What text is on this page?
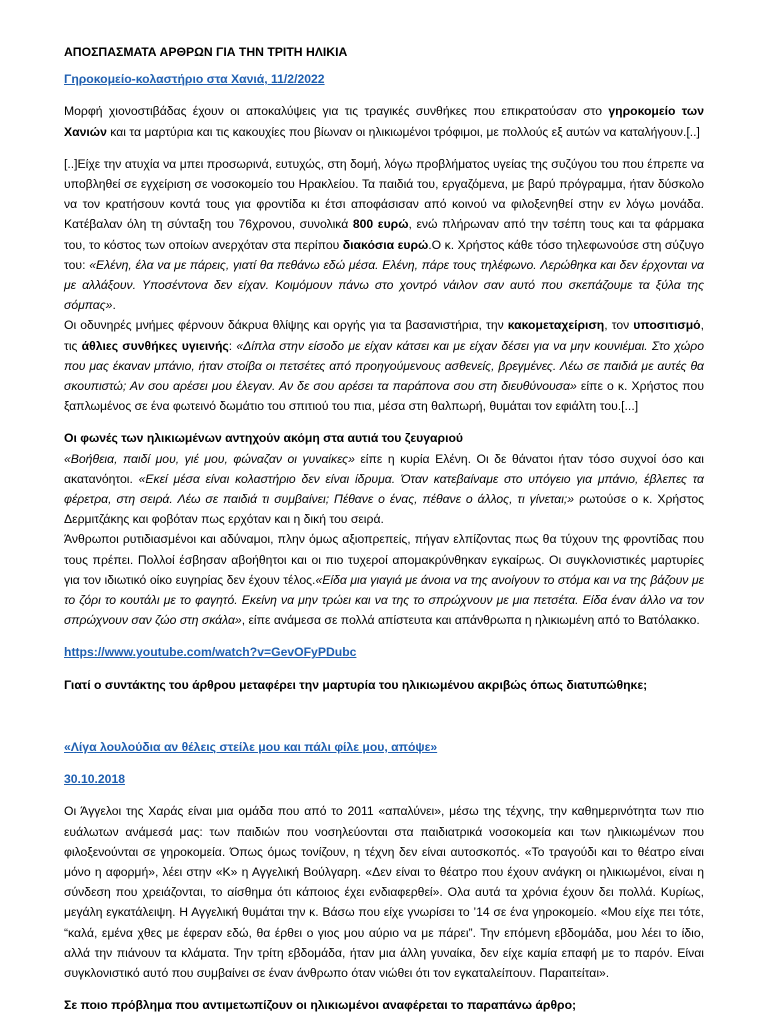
ΑΠΟΣΠΑΣΜΑΤΑ ΑΡΘΡΩΝ ΓΙΑ ΤΗΝ ΤΡΙΤΗ ΗΛΙΚΙΑ

Γηροκομείο-κολαστήριο στα Χανιά, 11/2/2022

Μορφή χιονοστιβάδας έχουν οι αποκαλύψεις για τις τραγικές συνθήκες που επικρατούσαν στο γηροκομείο των Χανιών και τα μαρτύρια και τις κακουχίες που βίωναν οι ηλικιωμένοι τρόφιμοι, με πολλούς εξ αυτών να καταλήγουν.[..]

[..]Είχε την ατυχία να μπει προσωρινά, ευτυχώς, στη δομή, λόγω προβλήματος υγείας της συζύγου του που έπρεπε να υποβληθεί σε εγχείριση σε νοσοκομείο του Ηρακλείου. Τα παιδιά του, εργαζόμενα, με βαρύ πρόγραμμα, ήταν δύσκολο να τον κρατήσουν κοντά τους για φροντίδα κι έτσι αποφάσισαν από κοινού να φιλοξενηθεί στην εν λόγω μονάδα. Κατέβαλαν όλη τη σύνταξη του 76χρονου, συνολικά 800 ευρώ, ενώ πλήρωναν από την τσέπη τους και τα φάρμακα του, το κόστος των οποίων ανερχόταν στα περίπου διακόσια ευρώ.Ο κ. Χρήστος κάθε τόσο τηλεφωνούσε στη σύζυγο του: «Ελένη, έλα να με πάρεις, γιατί θα πεθάνω εδώ μέσα. Ελένη, πάρε τους τηλέφωνο. Λερώθηκα και δεν έρχονται να με αλλάξουν. Υποσέντονα δεν είχαν. Κοιμόμουν πάνω στο χοντρό νάιλον σαν αυτό που σκεπάζουμε τα ξύλα της σόμπας».

Οι οδυνηρές μνήμες φέρνουν δάκρυα θλίψης και οργής για τα βασανιστήρια, την κακομεταχείριση, τον υποσιτισμό, τις άθλιες συνθήκες υγιεινής: «Δίπλα στην είσοδο με είχαν κάτσει και με είχαν δέσει για να μην κουνιέμαι. Στο χώρο που μας έκαναν μπάνιο, ήταν στοίβα οι πετσέτες από προηγούμενους ασθενείς, βρεγμένες. Λέω σε παιδιά με αυτές θα σκουπιστώ; Αν σου αρέσει μου έλεγαν. Αν δε σου αρέσει τα παράπονα σου στη διευθύνουσα» είπε ο κ. Χρήστος που ξαπλωμένος σε ένα φωτεινό δωμάτιο του σπιτιού του πια, μέσα στη θαλπωρή, θυμάται τον εφιάλτη του.[...]

Οι φωνές των ηλικιωμένων αντηχούν ακόμη στα αυτιά του ζευγαριού

«Βοήθεια, παιδί μου, γιέ μου, φώναζαν οι γυναίκες» είπε η κυρία Ελένη. Οι δε θάνατοι ήταν τόσο συχνοί όσο και ακατανόητοι. «Εκεί μέσα είναι κολαστήριο δεν είναι ίδρυμα. Όταν κατεβαίναμε στο υπόγειο για μπάνιο, έβλεπες τα φέρετρα, στη σειρά. Λέω σε παιδιά τι συμβαίνει; Πέθανε ο ένας, πέθανε ο άλλος, τι γίνεται;» ρωτούσε ο κ. Χρήστος Δερμιτζάκης και φοβόταν πως ερχόταν και η δική του σειρά.

Άνθρωποι ρυτιδιασμένοι και αδύναμοι, πλην όμως αξιοπρεπείς, πήγαν ελπίζοντας πως θα τύχουν της φροντίδας που τους πρέπει. Πολλοί έσβησαν αβοήθητοι και οι πιο τυχεροί απομακρύνθηκαν εγκαίρως. Οι συγκλονιστικές μαρτυρίες για τον ιδιωτικό οίκο ευγηρίας δεν έχουν τέλος.«Είδα μια γιαγιά με άνοια να της ανοίγουν το στόμα και να της βάζουν με το ζόρι το κουτάλι με το φαγητό. Εκείνη να μην τρώει και να της το σπρώχνουν με μια πετσέτα. Είδα έναν άλλο να τον σπρώχνουν σαν ζώο στη σκάλα», είπε ανάμεσα σε πολλά απίστευτα και απάνθρωπα η ηλικιωμένη από το Βατόλακκο.

https://www.youtube.com/watch?v=GevOFyPDubc

Γιατί ο συντάκτης του άρθρου μεταφέρει την μαρτυρία του ηλικιωμένου ακριβώς όπως διατυπώθηκε;

«Λίγα λουλούδια αν θέλεις στείλε μου και πάλι φίλε μου, απόψε»

30.10.2018

Οι Άγγελοι της Χαράς είναι μια ομάδα που από το 2011 «απαλύνει», μέσω της τέχνης, την καθημερινότητα των πιο ευάλωτων ανάμεσά μας: των παιδιών που νοσηλεύονται στα παιδιατρικά νοσοκομεία και των ηλικιωμένων που φιλοξενούνται σε γηροκομεία. Όπως όμως τονίζουν, η τέχνη δεν είναι αυτοσκοπός. «Το τραγούδι και το θέατρο είναι μόνο η αφορμή», λέει στην «Κ» η Αγγελική Βούλγαρη. «Δεν είναι το θέατρο που έχουν ανάγκη οι ηλικιωμένοι, είναι η σύνδεση που χρειάζονται, το αίσθημα ότι κάποιος έχει ενδιαφερθεί». Ολα αυτά τα χρόνια έχουν δει πολλά. Κυρίως, μεγάλη εγκατάλειψη. Η Αγγελική θυμάται την κ. Βάσω που είχε γνωρίσει το ’14 σε ένα γηροκομείο. «Μου είχε πει τότε, “καλά, εμένα χθες με έφεραν εδώ, θα έρθει ο γιος μου αύριο να με πάρει”. Την επόμενη εβδομάδα, μου λέει το ίδιο, αλλά την πιάνουν τα κλάματα. Την τρίτη εβδομάδα, ήταν μια άλλη γυναίκα, δεν είχε καμία επαφή με το παρόν. Είναι συγκλονιστικό αυτό που συμβαίνει σε έναν άνθρωπο όταν νιώθει ότι τον εγκαταλείπουν. Παραιτείται».

Σε ποιο πρόβλημα που αντιμετωπίζουν οι ηλικιωμένοι αναφέρεται το παραπάνω άρθρο;
